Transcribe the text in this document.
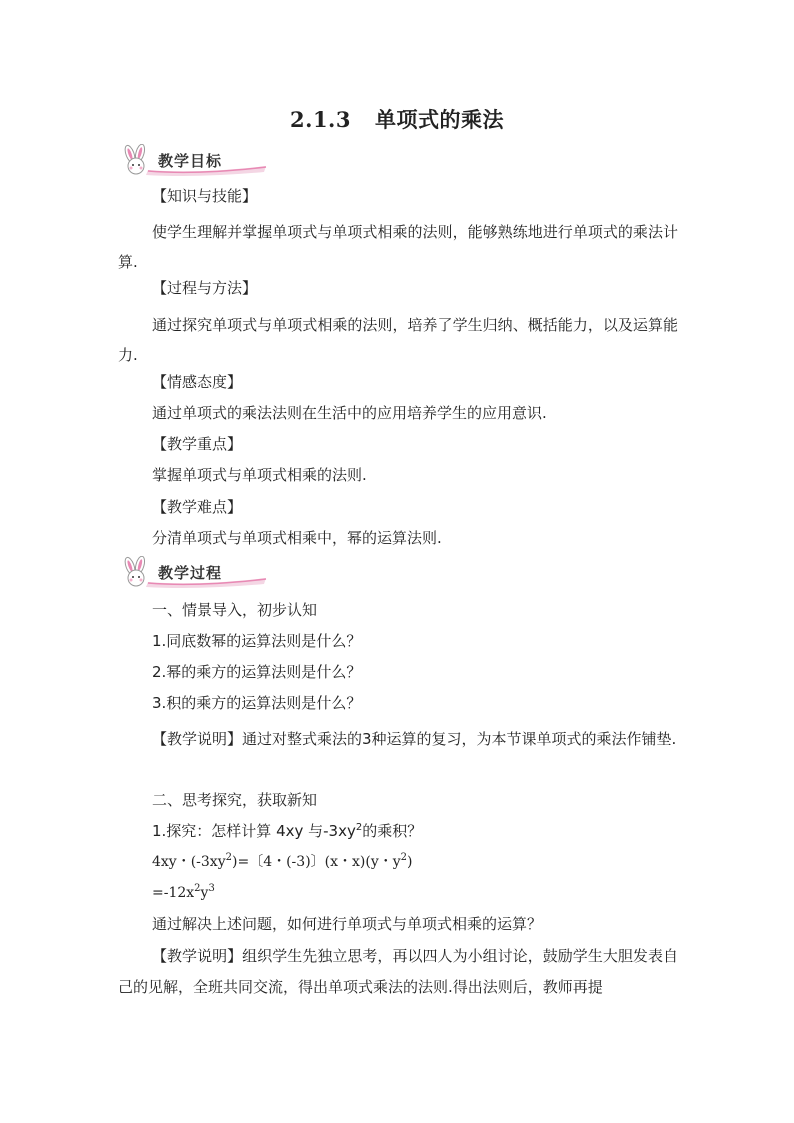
2.1.3 单项式的乘法
教学目标
【知识与技能】
使学生理解并掌握单项式与单项式相乘的法则，能够熟练地进行单项式的乘法计算.
【过程与方法】
通过探究单项式与单项式相乘的法则，培养了学生归纳、概括能力，以及运算能力.
【情感态度】
通过单项式的乘法法则在生活中的应用培养学生的应用意识.
【教学重点】
掌握单项式与单项式相乘的法则.
【教学难点】
分清单项式与单项式相乘中，幂的运算法则.
教学过程
一、情景导入，初步认知
1.同底数幂的运算法则是什么？
2.幂的乘方的运算法则是什么？
3.积的乘方的运算法则是什么？
【教学说明】通过对整式乘法的3种运算的复习，为本节课单项式的乘法作铺垫.
二、思考探究，获取新知
1.探究：怎样计算 4xy 与$-3xy^2$的乘积？
4xy・$(-3xy^2)=$〔4・(-3)〕(x・x)(y・$y^2$)
$=-12x^2y^3$
通过解决上述问题，如何进行单项式与单项式相乘的运算？
【教学说明】组织学生先独立思考，再以四人为小组讨论，鼓励学生大胆发表自己的见解，全班共同交流，得出单项式乘法的法则.得出法则后，教师再提
